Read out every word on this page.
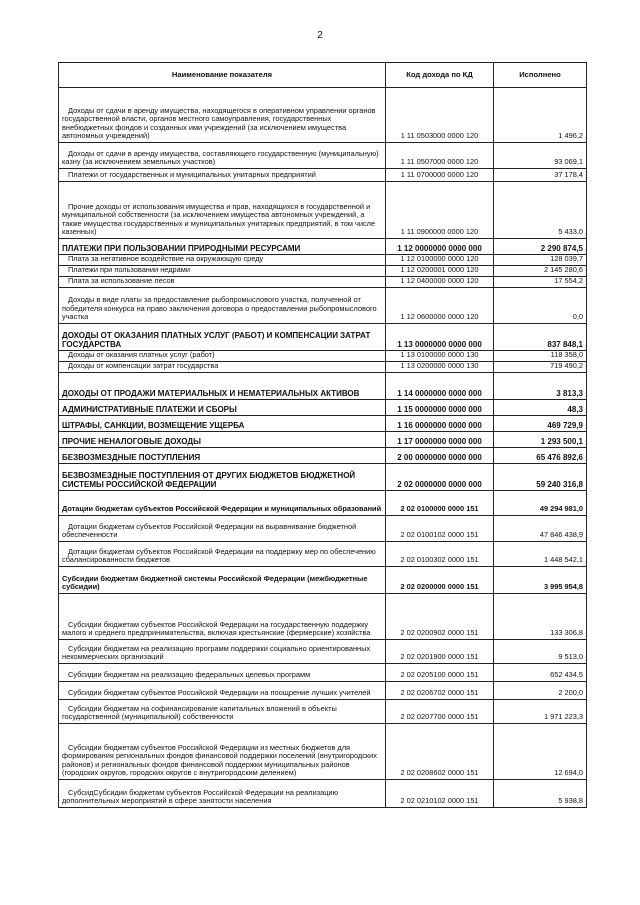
2
Наименование показателя	Код дохода по КД	Исполнено
Доходы от сдачи в аренду имущества, находящегося в оперативном управлении органов государственной власти, органов местного самоуправления, государственных внебюджетных фондов и созданных ими учреждений (за исключением имущества автономных учреждений)	1 11 0503000 0000 120	1 496,2
Доходы от сдачи в аренду имущества, составляющего государственную (муниципальную) казну (за исключением земельных участков)	1 11 0507000 0000 120	93 069,1
Платежи от государственных и муниципальных унитарных предприятий	1 11 0700000 0000 120	37 178,4
Прочие доходы от использования имущества и прав, находящихся в государственной и муниципальной собственности (за исключением имущества автономных учреждений, а также имущества государственных и муниципальных унитарных предприятий, в том числе казенных)	1 11 0900000 0000 120	5 433,0
ПЛАТЕЖИ ПРИ ПОЛЬЗОВАНИИ ПРИРОДНЫМИ РЕСУРСАМИ	1 12 0000000 0000 000	2 290 874,5
Плата за негативное воздействие на окружающую среду	1 12 0100000 0000 120	128 039,7
Платежи при пользовании недрами	1 12 0200001 0000 120	2 145 280,6
Плата за использование лесов	1 12 0400000 0000 120	17 554,2
Доходы в виде платы за предоставление рыбопромыслового участка, полученной от победителя конкурса на право заключения договора о предоставлении рыбопромыслового участка	1 12 0600000 0000 120	0,0
ДОХОДЫ ОТ ОКАЗАНИЯ ПЛАТНЫХ УСЛУГ (РАБОТ) И КОМПЕНСАЦИИ ЗАТРАТ ГОСУДАРСТВА	1 13 0000000 0000 000	837 848,1
Доходы от оказания платных услуг (работ)	1 13 0100000 0000 130	118 358,0
Доходы от компенсации затрат государства	1 13 0200000 0000 130	719 490,2
ДОХОДЫ ОТ ПРОДАЖИ МАТЕРИАЛЬНЫХ И НЕМАТЕРИАЛЬНЫХ АКТИВОВ	1 14 0000000 0000 000	3 813,3
АДМИНИСТРАТИВНЫЕ ПЛАТЕЖИ И СБОРЫ	1 15 0000000 0000 000	48,3
ШТРАФЫ, САНКЦИИ, ВОЗМЕЩЕНИЕ УЩЕРБА	1 16 0000000 0000 000	469 729,9
ПРОЧИЕ НЕНАЛОГОВЫЕ ДОХОДЫ	1 17 0000000 0000 000	1 293 500,1
БЕЗВОЗМЕЗДНЫЕ ПОСТУПЛЕНИЯ	2 00 0000000 0000 000	65 476 892,6
БЕЗВОЗМЕЗДНЫЕ ПОСТУПЛЕНИЯ ОТ ДРУГИХ БЮДЖЕТОВ БЮДЖЕТНОЙ СИСТЕМЫ РОССИЙСКОЙ ФЕДЕРАЦИИ	2 02 0000000 0000 000	59 240 316,8
Дотации бюджетам субъектов Российской Федерации и муниципальных образований	2 02 0100000 0000 151	49 294 981,0
Дотации бюджетам субъектов Российской Федерации на выравнивание бюджетной обеспеченности	2 02 0100102 0000 151	47 846 438,9
Дотации бюджетам субъектов Российской Федерации на поддержку мер по обеспечению сбалансированности бюджетов	2 02 0100302 0000 151	1 448 542,1
Субсидии бюджетам бюджетной системы Российской Федерации (межбюджетные субсидии)	2 02 0200000 0000 151	3 995 954,8
Субсидии бюджетам субъектов Российской Федерации на государственную поддержку малого и среднего предпринимательства, включая крестьянские (фермерские) хозяйства	2 02 0200902 0000 151	133 306,8
Субсидии бюджетам на реализацию программ поддержки социально ориентированных некоммерческих организаций	2 02 0201900 0000 151	9 513,0
Субсидии бюджетам на реализацию федеральных целевых программ	2 02 0205100 0000 151	652 434,5
Субсидии бюджетам субъектов Российской Федерации на поощрение лучших учителей	2 02 0206702 0000 151	2 200,0
Субсидии бюджетам на софинансирование капитальных вложений в объекты государственной (муниципальной) собственности	2 02 0207700 0000 151	1 971 223,3
Субсидии бюджетам субъектов Российской Федерации из местных бюджетов для формирования региональных фондов финансовой поддержки поселений (внутригородских районов) и региональных фондов финансовой поддержки муниципальных районов (городских округов, городских округов с внутригородским делением)	2 02 0208602 0000 151	12 694,0
СубсидСубсидии бюджетам субъектов Российской Федерации на реализацию дополнительных мероприятий в сфере занятости населения	2 02 0210102 0000 151	5 938,8
